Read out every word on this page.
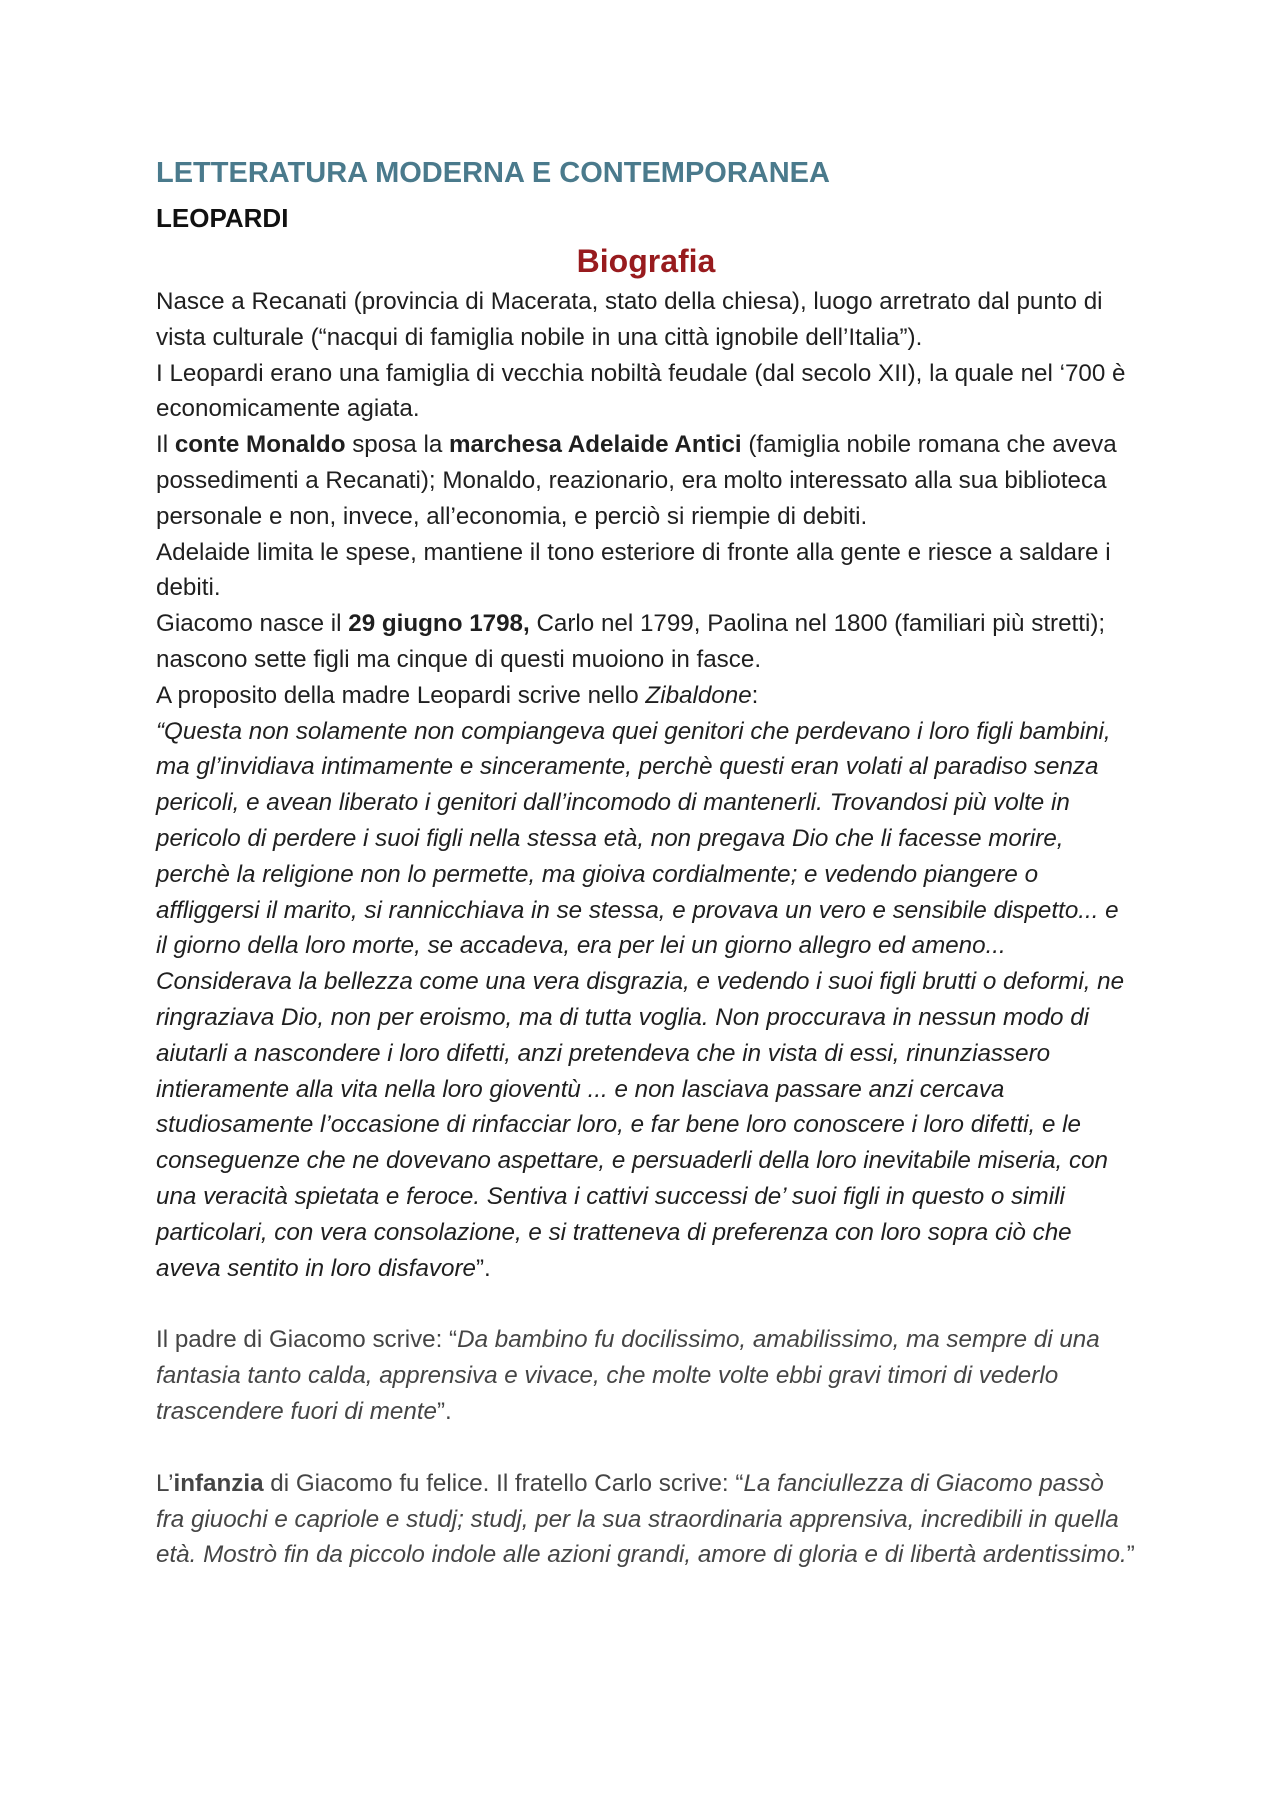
LETTERATURA MODERNA E CONTEMPORANEA
LEOPARDI
Biografia

Nasce a Recanati (provincia di Macerata, stato della chiesa), luogo arretrato dal punto di vista culturale (“nacqui di famiglia nobile in una città ignobile dell’Italia”).

I Leopardi erano una famiglia di vecchia nobiltà feudale (dal secolo XII), la quale nel ‘700 è economicamente agiata.

Il conte Monaldo sposa la marchesa Adelaide Antici (famiglia nobile romana che aveva possedimenti a Recanati); Monaldo, reazionario, era molto interessato alla sua biblioteca personale e non, invece, all’economia, e perciò si riempie di debiti.

Adelaide limita le spese, mantiene il tono esteriore di fronte alla gente e riesce a saldare i debiti.

Giacomo nasce il 29 giugno 1798, Carlo nel 1799, Paolina nel 1800 (familiari più stretti); nascono sette figli ma cinque di questi muoiono in fasce.

A proposito della madre Leopardi scrive nello Zibaldone:

“Questa non solamente non compiangeva quei genitori che perdevano i loro figli bambini, ma gl’invidiava intimamente e sinceramente, perchè questi eran volati al paradiso senza pericoli, e avean liberato i genitori dall’incomodo di mantenerli. Trovandosi più volte in pericolo di perdere i suoi figli nella stessa età, non pregava Dio che li facesse morire, perchè la religione non lo permette, ma gioiva cordialmente; e vedendo piangere o affliggersi il marito, si rannicchiava in se stessa, e provava un vero e sensibile dispetto... e il giorno della loro morte, se accadeva, era per lei un giorno allegro ed ameno... Considerava la bellezza come una vera disgrazia, e vedendo i suoi figli brutti o deformi, ne ringraziava Dio, non per eroismo, ma di tutta voglia. Non proccurava in nessun modo di aiutarli a nascondere i loro difetti, anzi pretendeva che in vista di essi, rinunziassero intieramente alla vita nella loro gioventù ... e non lasciava passare anzi cercava studiosamente l’occasione di rinfacciar loro, e far bene loro conoscere i loro difetti, e le conseguenze che ne dovevano aspettare, e persuaderli della loro inevitabile miseria, con una veracità spietata e feroce. Sentiva i cattivi successi de’ suoi figli in questo o simili particolari, con vera consolazione, e si tratteneva di preferenza con loro sopra ciò che aveva sentito in loro disfavore”.

Il padre di Giacomo scrive: “Da bambino fu docilissimo, amabilissimo, ma sempre di una fantasia tanto calda, apprensiva e vivace, che molte volte ebbi gravi timori di vederlo trascendere fuori di mente”.

L’infanzia di Giacomo fu felice. Il fratello Carlo scrive: “La fanciullezza di Giacomo passò fra giuochi e capriole e studj; studj, per la sua straordinaria apprensiva, incredibili in quella età. Mostrò fin da piccolo indole alle azioni grandi, amore di gloria e di libertà ardentissimo.”
